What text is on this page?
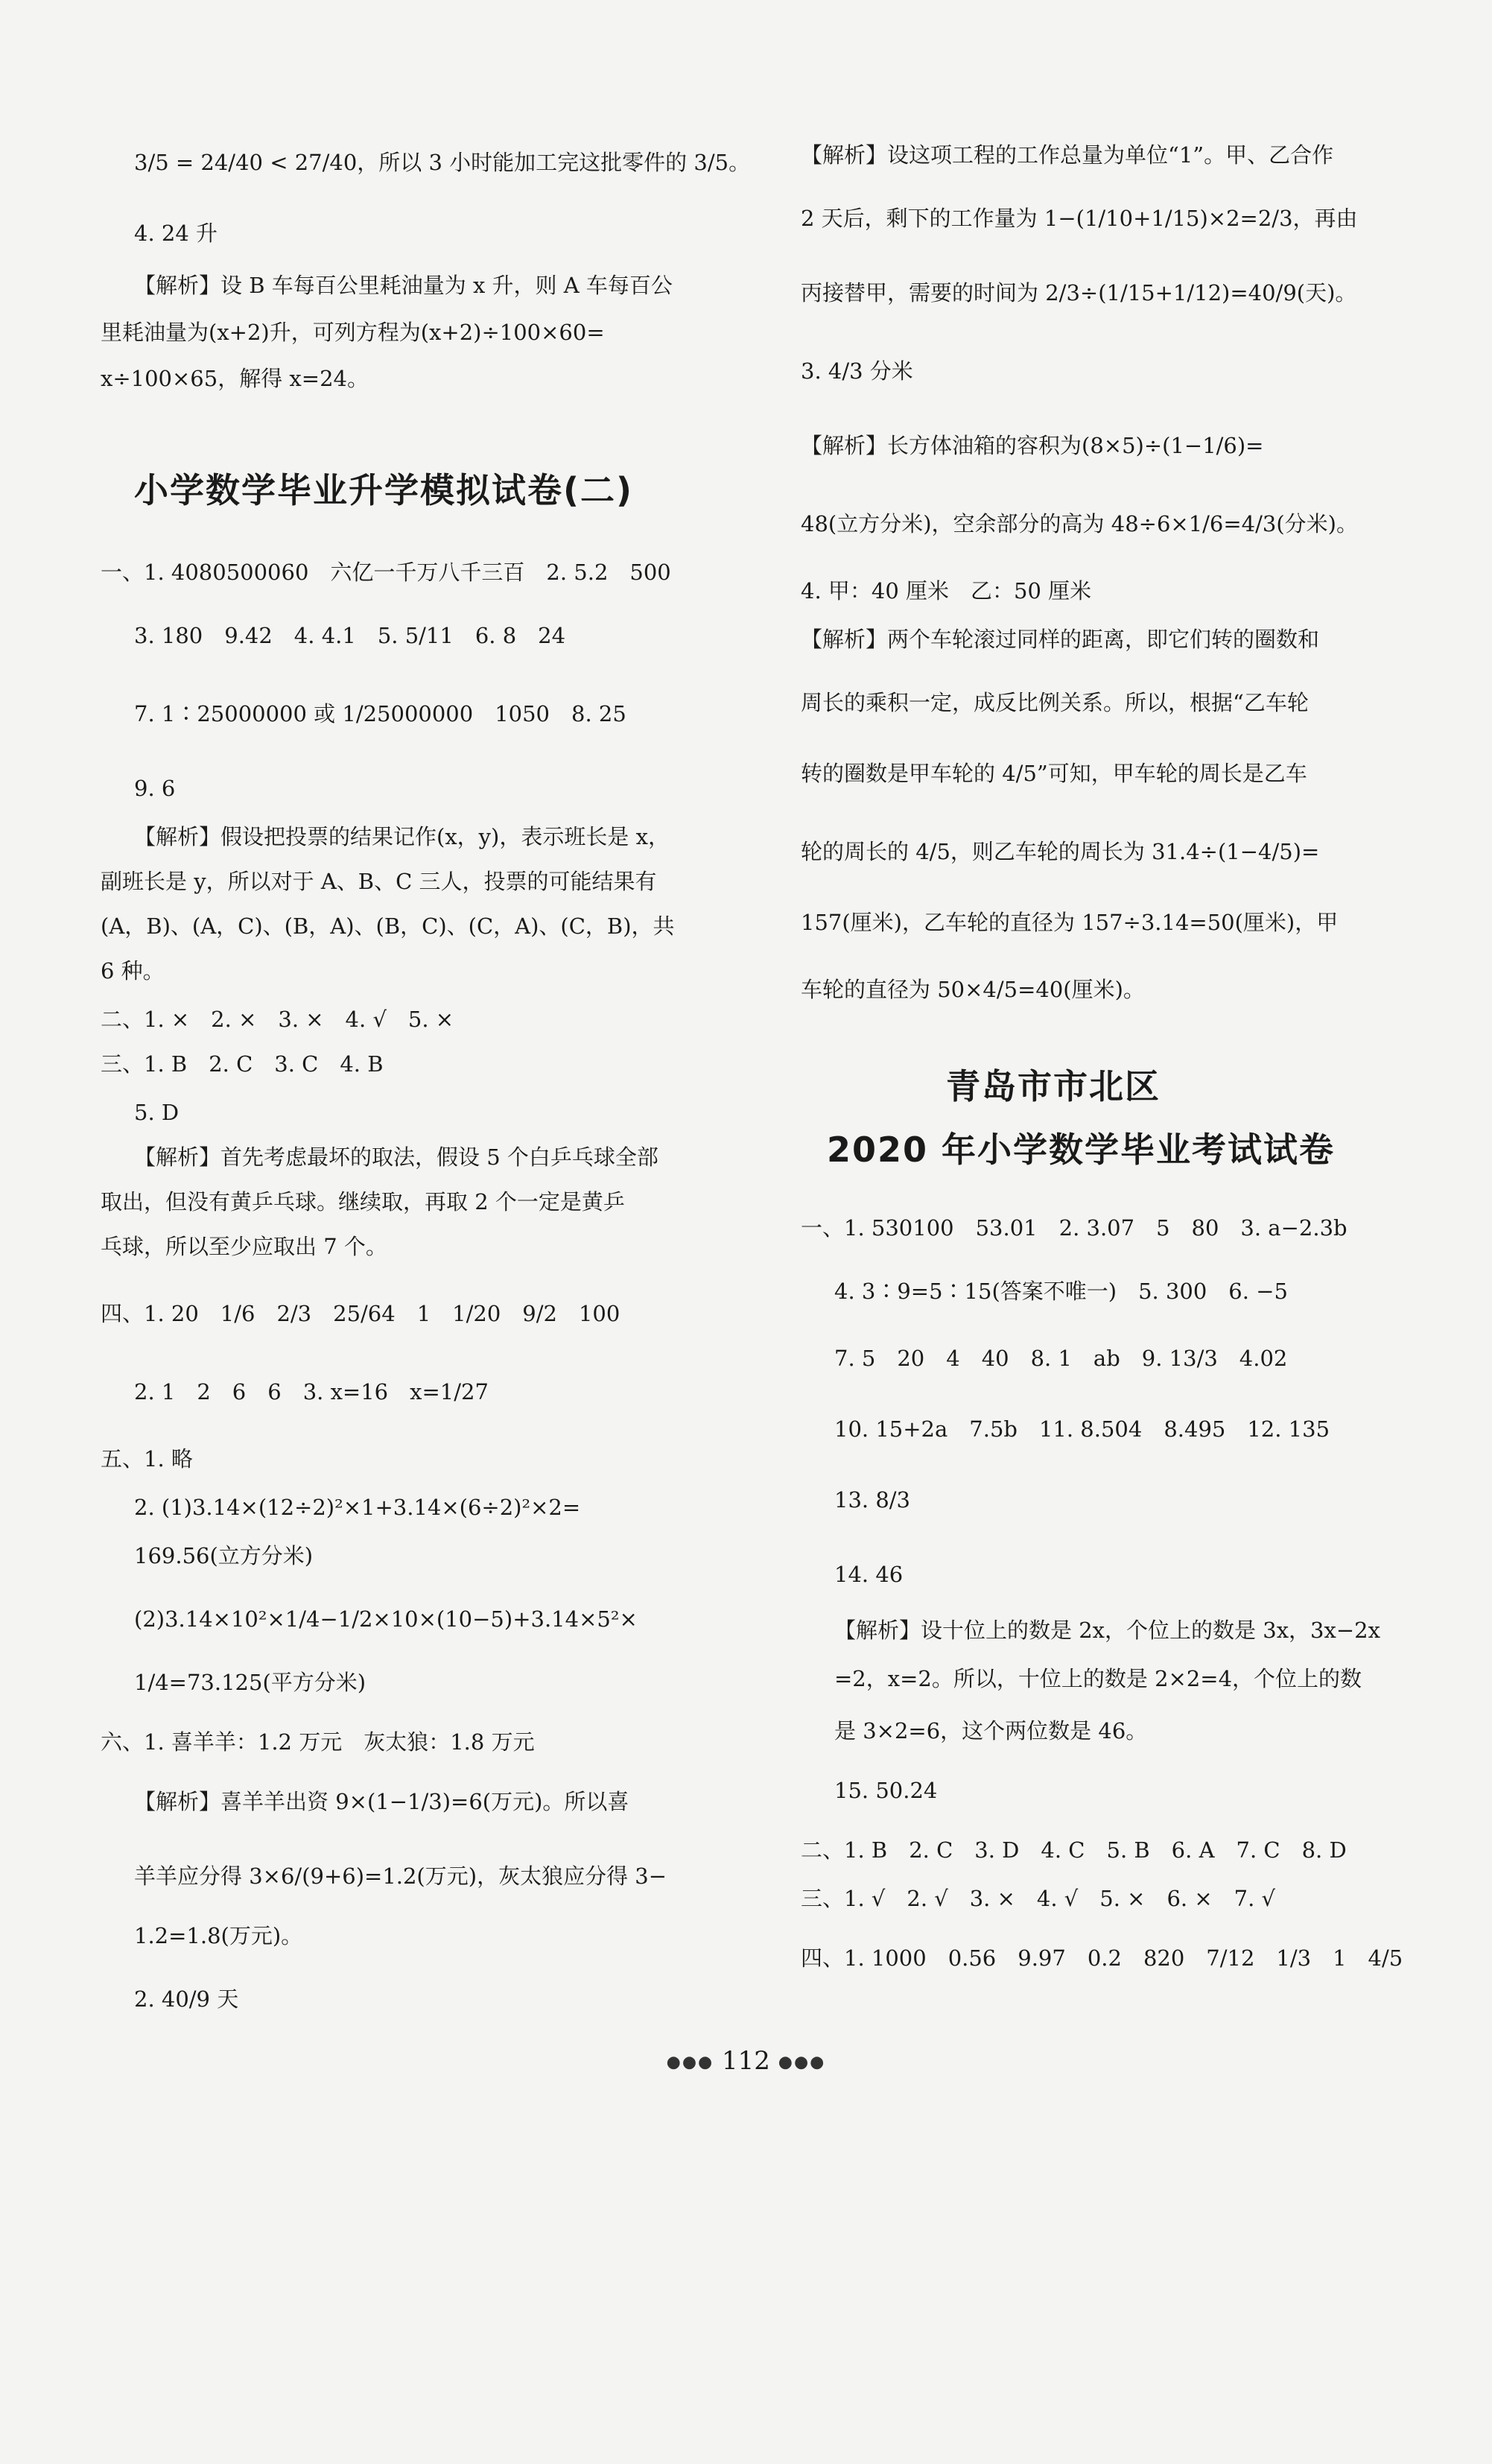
3/5 = 24/40 < 27/40，所以 3 小时能加工完这批零件的 3/5。
4. 24 升
【解析】设 B 车每百公里耗油量为 x 升，则 A 车每百公
里耗油量为(x+2)升，可列方程为(x+2)÷100×60=
x÷100×65，解得 x=24。
小学数学毕业升学模拟试卷(二)
一、1. 4080500060　六亿一千万八千三百　2. 5.2　500
3. 180　9.42　4. 4.1　5. 5/11　6. 8　24
7. 1∶25000000 或 1/25000000　1050　8. 25
9. 6
【解析】假设把投票的结果记作(x，y)，表示班长是 x，
副班长是 y，所以对于 A、B、C 三人，投票的可能结果有
(A，B)、(A，C)、(B，A)、(B，C)、(C，A)、(C，B)，共
6 种。
二、1. ×　2. ×　3. ×　4. √　5. ×
三、1. B　2. C　3. C　4. B
5. D
【解析】首先考虑最坏的取法，假设 5 个白乒乓球全部
取出，但没有黄乒乓球。继续取，再取 2 个一定是黄乒
乓球，所以至少应取出 7 个。
四、1. 20　1/6　2/3　25/64　1　1/20　9/2　100
2. 1　2　6　6　3. x=16　x=1/27
五、1. 略
2. (1)3.14×(12÷2)²×1+3.14×(6÷2)²×2=
169.56(立方分米)
(2)3.14×10²×1/4−1/2×10×(10−5)+3.14×5²×
1/4=73.125(平方分米)
六、1. 喜羊羊：1.2 万元　灰太狼：1.8 万元
【解析】喜羊羊出资 9×(1−1/3)=6(万元)。所以喜
羊羊应分得 3×6/(9+6)=1.2(万元)，灰太狼应分得 3−
1.2=1.8(万元)。
2. 40/9 天
【解析】设这项工程的工作总量为单位“1”。甲、乙合作
2 天后，剩下的工作量为 1−(1/10+1/15)×2=2/3，再由
丙接替甲，需要的时间为 2/3÷(1/15+1/12)=40/9(天)。
3. 4/3 分米
【解析】长方体油箱的容积为(8×5)÷(1−1/6)=
48(立方分米)，空余部分的高为 48÷6×1/6=4/3(分米)。
4. 甲：40 厘米　乙：50 厘米
【解析】两个车轮滚过同样的距离，即它们转的圈数和
周长的乘积一定，成反比例关系。所以，根据“乙车轮
转的圈数是甲车轮的 4/5”可知，甲车轮的周长是乙车
轮的周长的 4/5，则乙车轮的周长为 31.4÷(1−4/5)=
157(厘米)，乙车轮的直径为 157÷3.14=50(厘米)，甲
车轮的直径为 50×4/5=40(厘米)。
青岛市市北区
2020 年小学数学毕业考试试卷
一、1. 530100　53.01　2. 3.07　5　80　3. a−2.3b
4. 3∶9=5∶15(答案不唯一)　5. 300　6. −5
7. 5　20　4　40　8. 1　ab　9. 13/3　4.02
10. 15+2a　7.5b　11. 8.504　8.495　12. 135
13. 8/3
14. 46
【解析】设十位上的数是 2x，个位上的数是 3x，3x−2x
=2，x=2。所以，十位上的数是 2×2=4，个位上的数
是 3×2=6，这个两位数是 46。
15. 50.24
二、1. B　2. C　3. D　4. C　5. B　6. A　7. C　8. D
三、1. √　2. √　3. ×　4. √　5. ×　6. ×　7. √
四、1. 1000　0.56　9.97　0.2　820　7/12　1/3　1　4/5
●●● 112 ●●●
